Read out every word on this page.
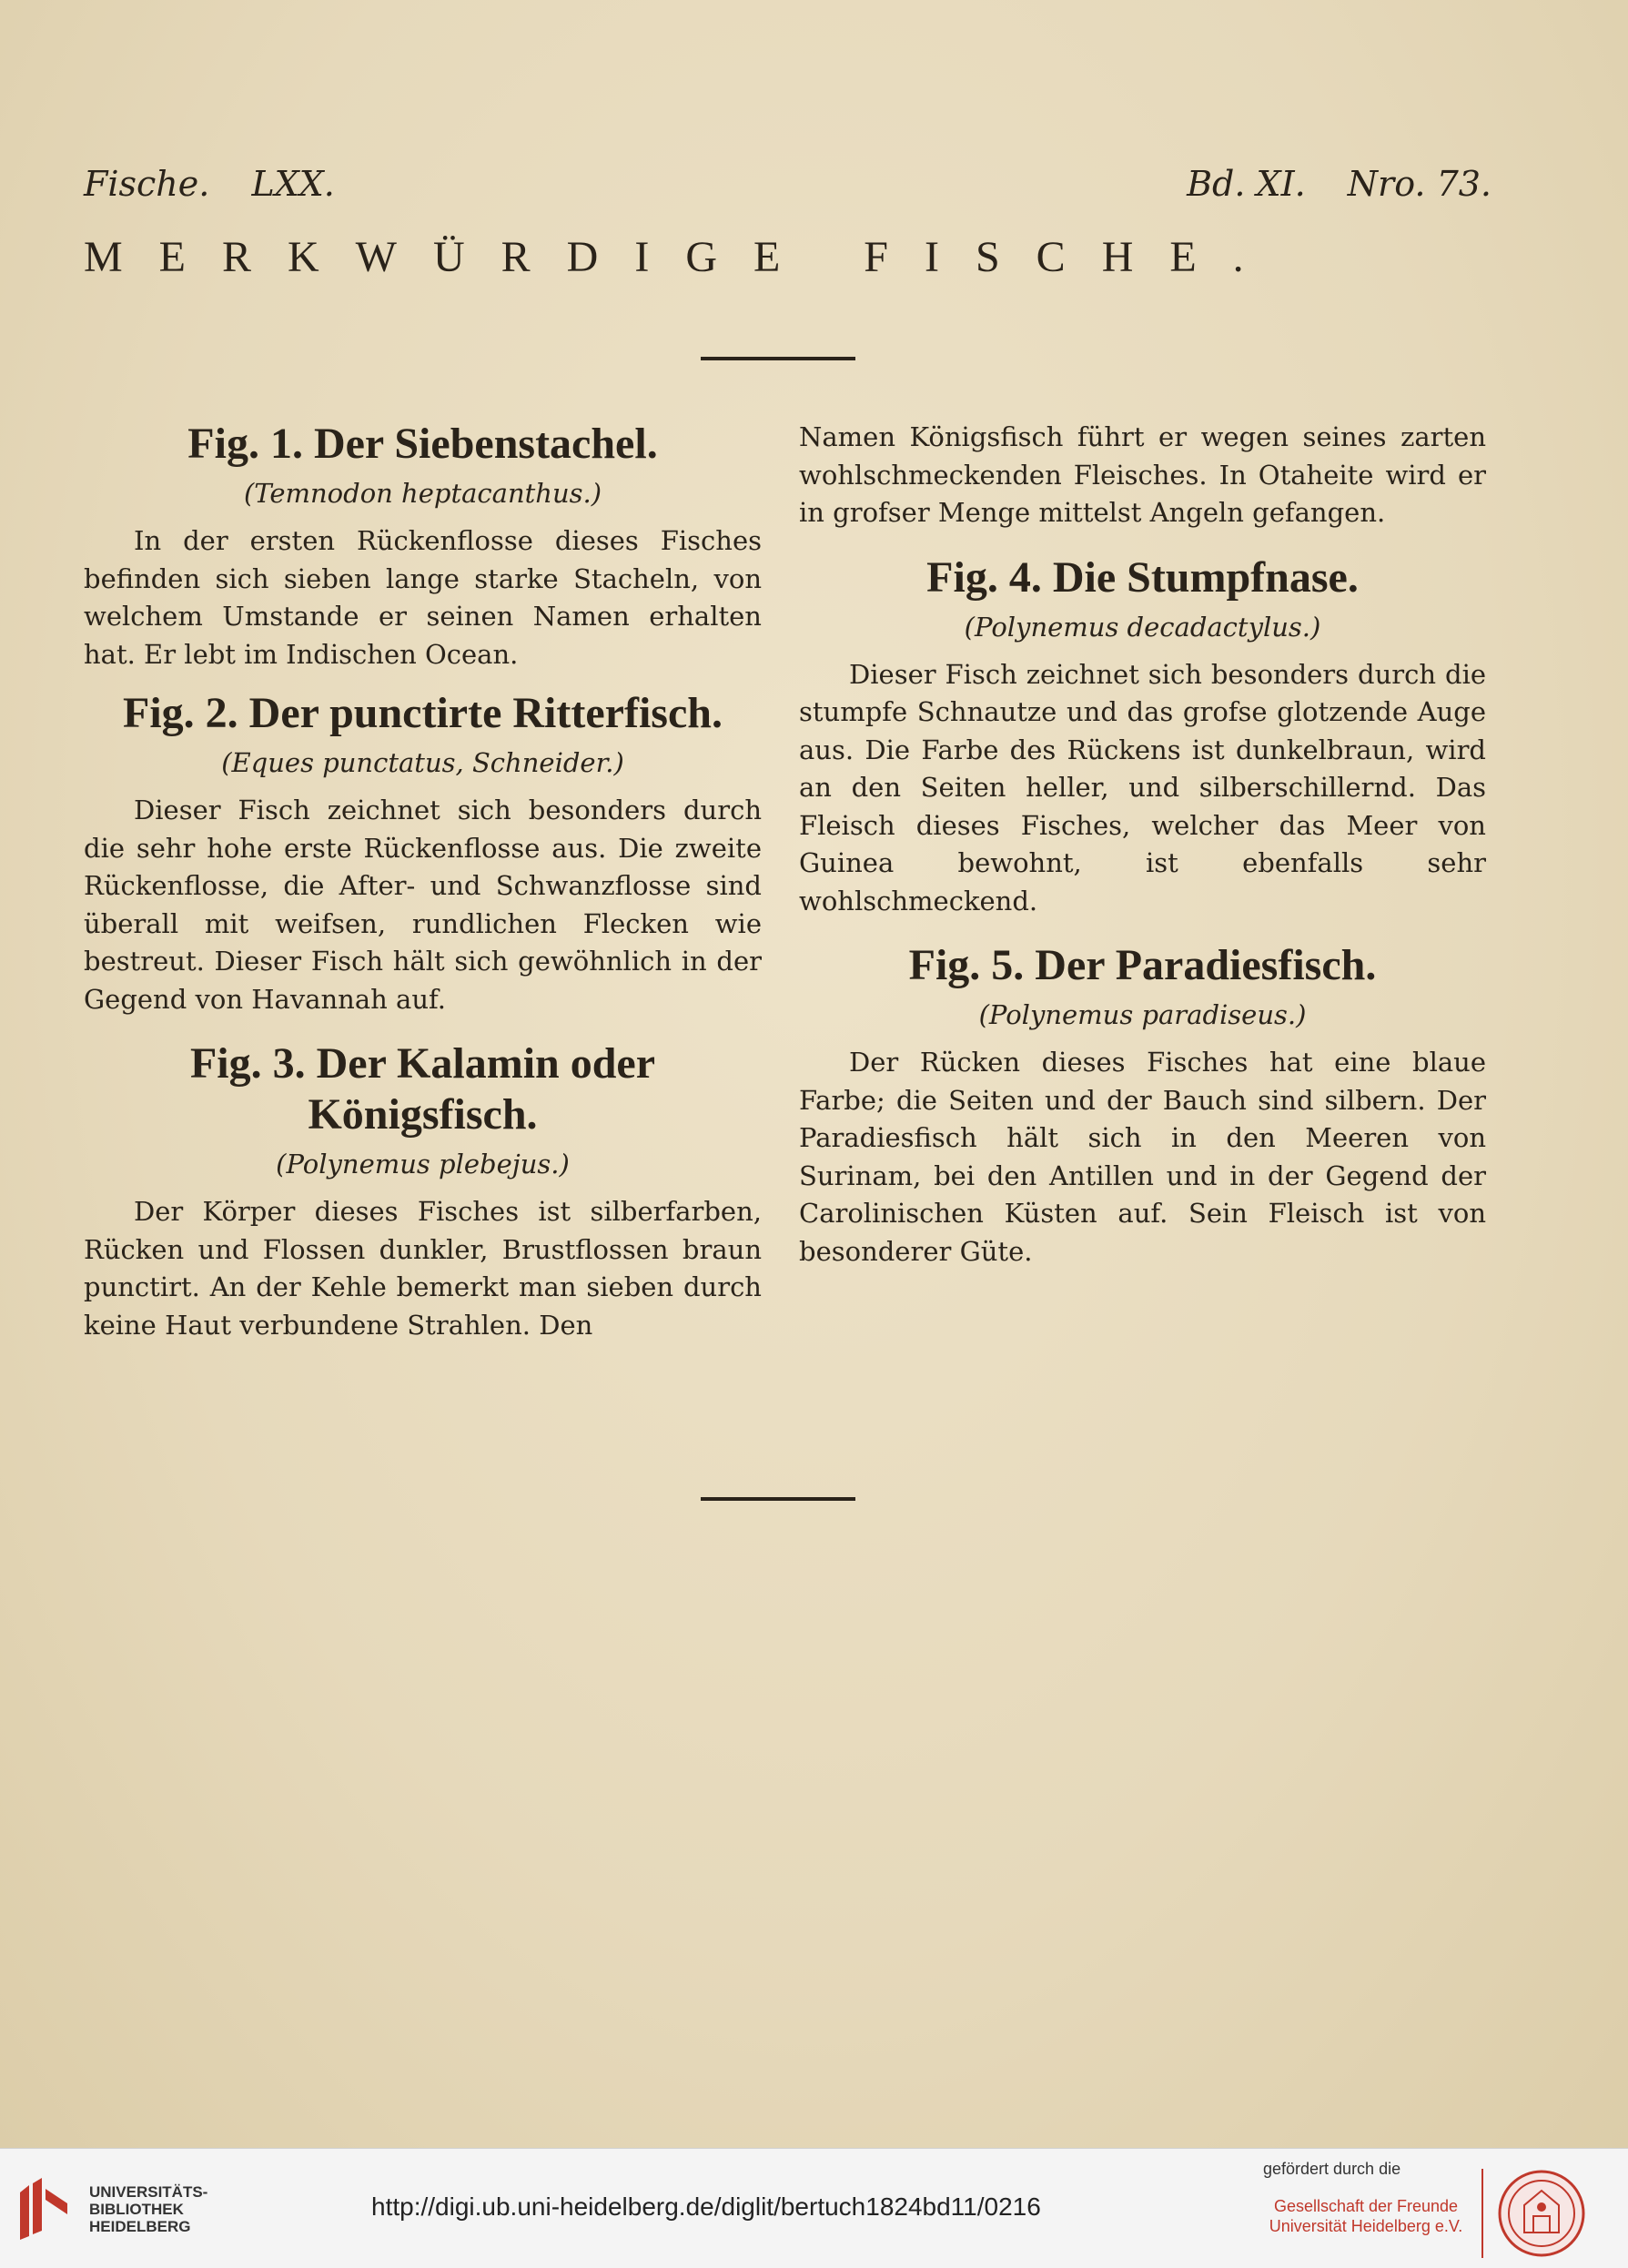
Fische. LXX.	Bd. XI. Nro. 73.
MERKWÜRDIGE FISCHE.
Fig. 1. Der Siebenstachel.
(Temnodon heptacanthus.)

In der ersten Rückenflosse dieses Fisches befinden sich sieben lange starke Stacheln, von welchem Umstande er seinen Namen erhalten hat. Er lebt im Indischen Ocean.

Fig. 2. Der punctirte Ritterfisch.
(Eques punctatus, Schneider.)

Dieser Fisch zeichnet sich besonders durch die sehr hohe erste Rückenflosse aus. Die zweite Rückenflosse, die After- und Schwanzflosse sind überall mit weifsen, rundlichen Flecken wie bestreut. Dieser Fisch hält sich gewöhnlich in der Gegend von Havannah auf.

Fig. 3. Der Kalamin oder Königsfisch.
(Polynemus plebejus.)

Der Körper dieses Fisches ist silberfarben, Rücken und Flossen dunkler, Brustflossen braun punctirt. An der Kehle bemerkt man sieben durch keine Haut verbundene Strahlen. Den

Namen Königsfisch führt er wegen seines zarten wohlschmeckenden Fleisches. In Otaheite wird er in grofser Menge mittelst Angeln gefangen.

Fig. 4. Die Stumpfnase.
(Polynemus decadactylus.)

Dieser Fisch zeichnet sich besonders durch die stumpfe Schnautze und das grofse glotzende Auge aus. Die Farbe des Rückens ist dunkelbraun, wird an den Seiten heller, und silberschillernd. Das Fleisch dieses Fisches, welcher das Meer von Guinea bewohnt, ist ebenfalls sehr wohlschmeckend.

Fig. 5. Der Paradiesfisch.
(Polynemus paradiseus.)

Der Rücken dieses Fisches hat eine blaue Farbe; die Seiten und der Bauch sind silbern. Der Paradiesfisch hält sich in den Meeren von Surinam, bei den Antillen und in der Gegend der Carolinischen Küsten auf. Sein Fleisch ist von besonderer Güte.

UNIVERSITÄTS-
BIBLIOTHEK
HEIDELBERG
http://digi.ub.uni-heidelberg.de/diglit/bertuch1824bd11/0216
gefördert durch die
Gesellschaft der Freunde
Universität Heidelberg e.V.
